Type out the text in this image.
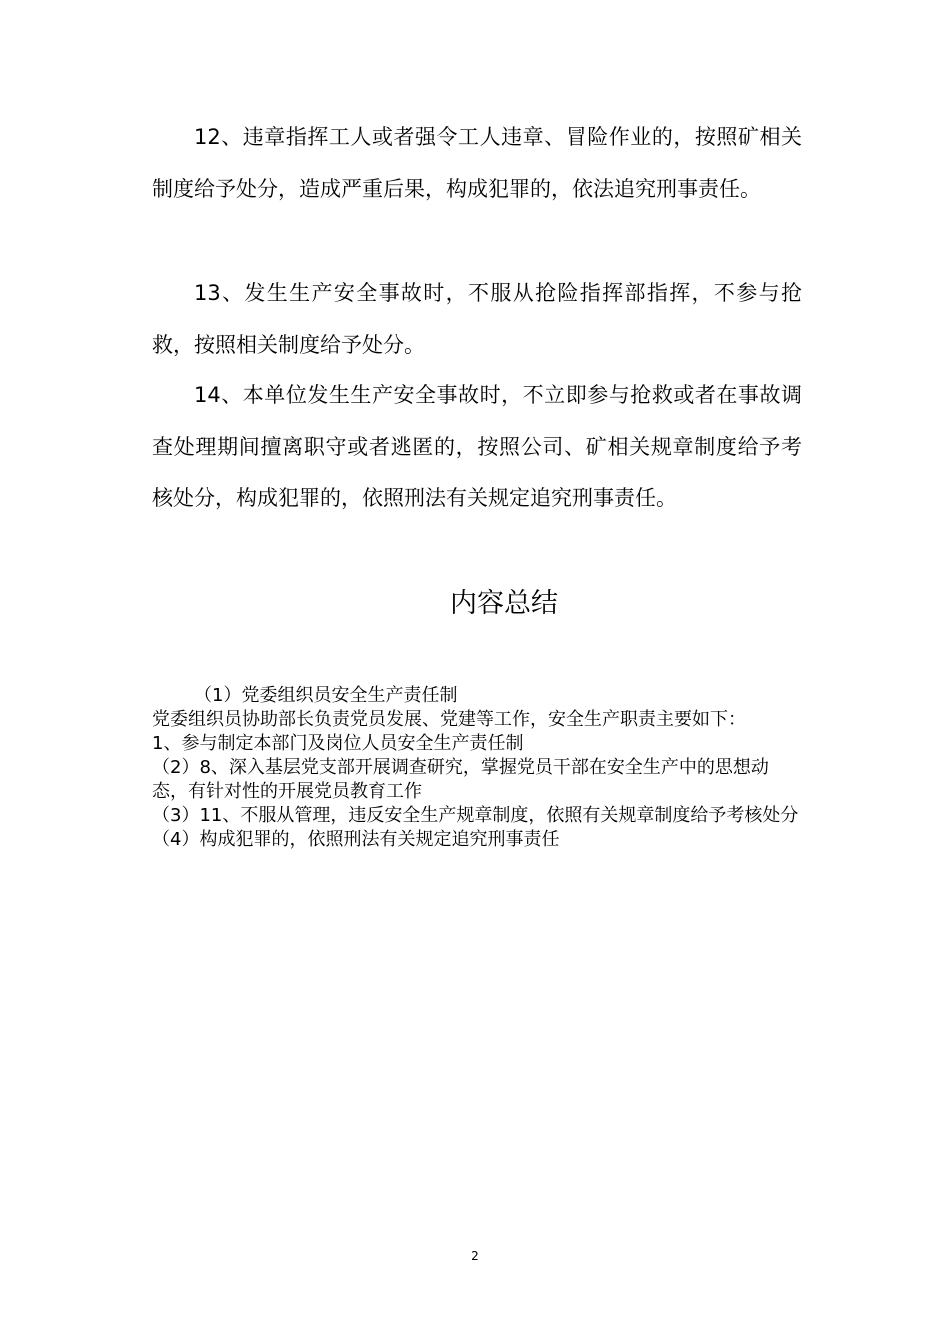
12、违章指挥工人或者强令工人违章、冒险作业的，按照矿相关制度给予处分，造成严重后果，构成犯罪的，依法追究刑事责任。

13、发生生产安全事故时，不服从抢险指挥部指挥，不参与抢救，按照相关制度给予处分。

14、本单位发生生产安全事故时，不立即参与抢救或者在事故调查处理期间擅离职守或者逃匿的，按照公司、矿相关规章制度给予考核处分，构成犯罪的，依照刑法有关规定追究刑事责任。

内容总结

（1）党委组织员安全生产责任制

党委组织员协助部长负责党员发展、党建等工作，安全生产职责主要如下：

1、参与制定本部门及岗位人员安全生产责任制

（2）8、深入基层党支部开展调查研究，掌握党员干部在安全生产中的思想动态，有针对性的开展党员教育工作

（3）11、不服从管理，违反安全生产规章制度，依照有关规章制度给予考核处分

（4）构成犯罪的，依照刑法有关规定追究刑事责任

2
